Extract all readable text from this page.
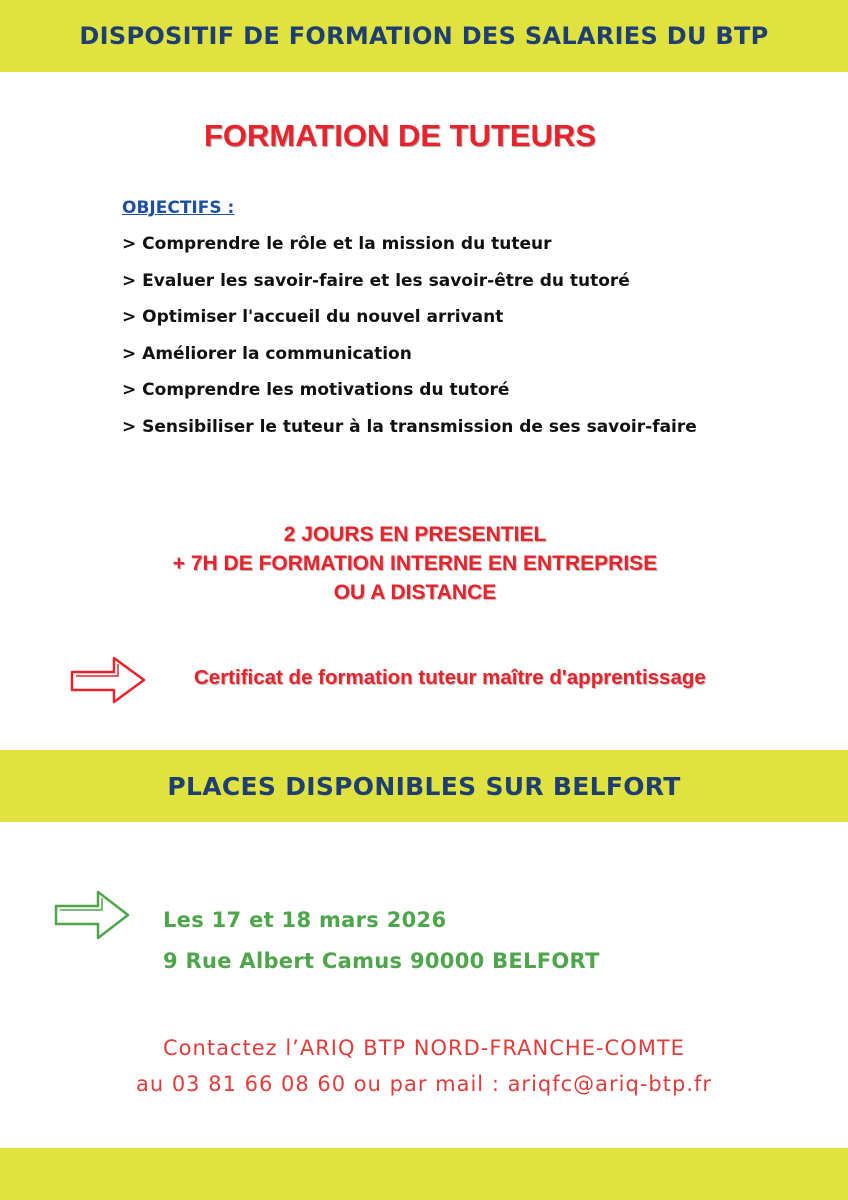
DISPOSITIF DE FORMATION DES SALARIES DU BTP
FORMATION DE TUTEURS
OBJECTIFS :
> Comprendre le rôle et la mission du tuteur
> Evaluer les savoir-faire et les savoir-être du tutoré
> Optimiser l'accueil du nouvel arrivant
> Améliorer la communication
> Comprendre les motivations du tutoré
> Sensibiliser le tuteur à la transmission de ses savoir-faire
2 JOURS EN PRESENTIEL
+ 7H DE FORMATION INTERNE EN ENTREPRISE
OU A DISTANCE
Certificat de formation tuteur maître d'apprentissage
PLACES DISPONIBLES SUR BELFORT
Les 17 et 18 mars 2026
9 Rue Albert Camus 90000 BELFORT
Contactez l’ARIQ BTP NORD-FRANCHE-COMTE
au 03 81 66 08 60 ou par mail : ariqfc@ariq-btp.fr
